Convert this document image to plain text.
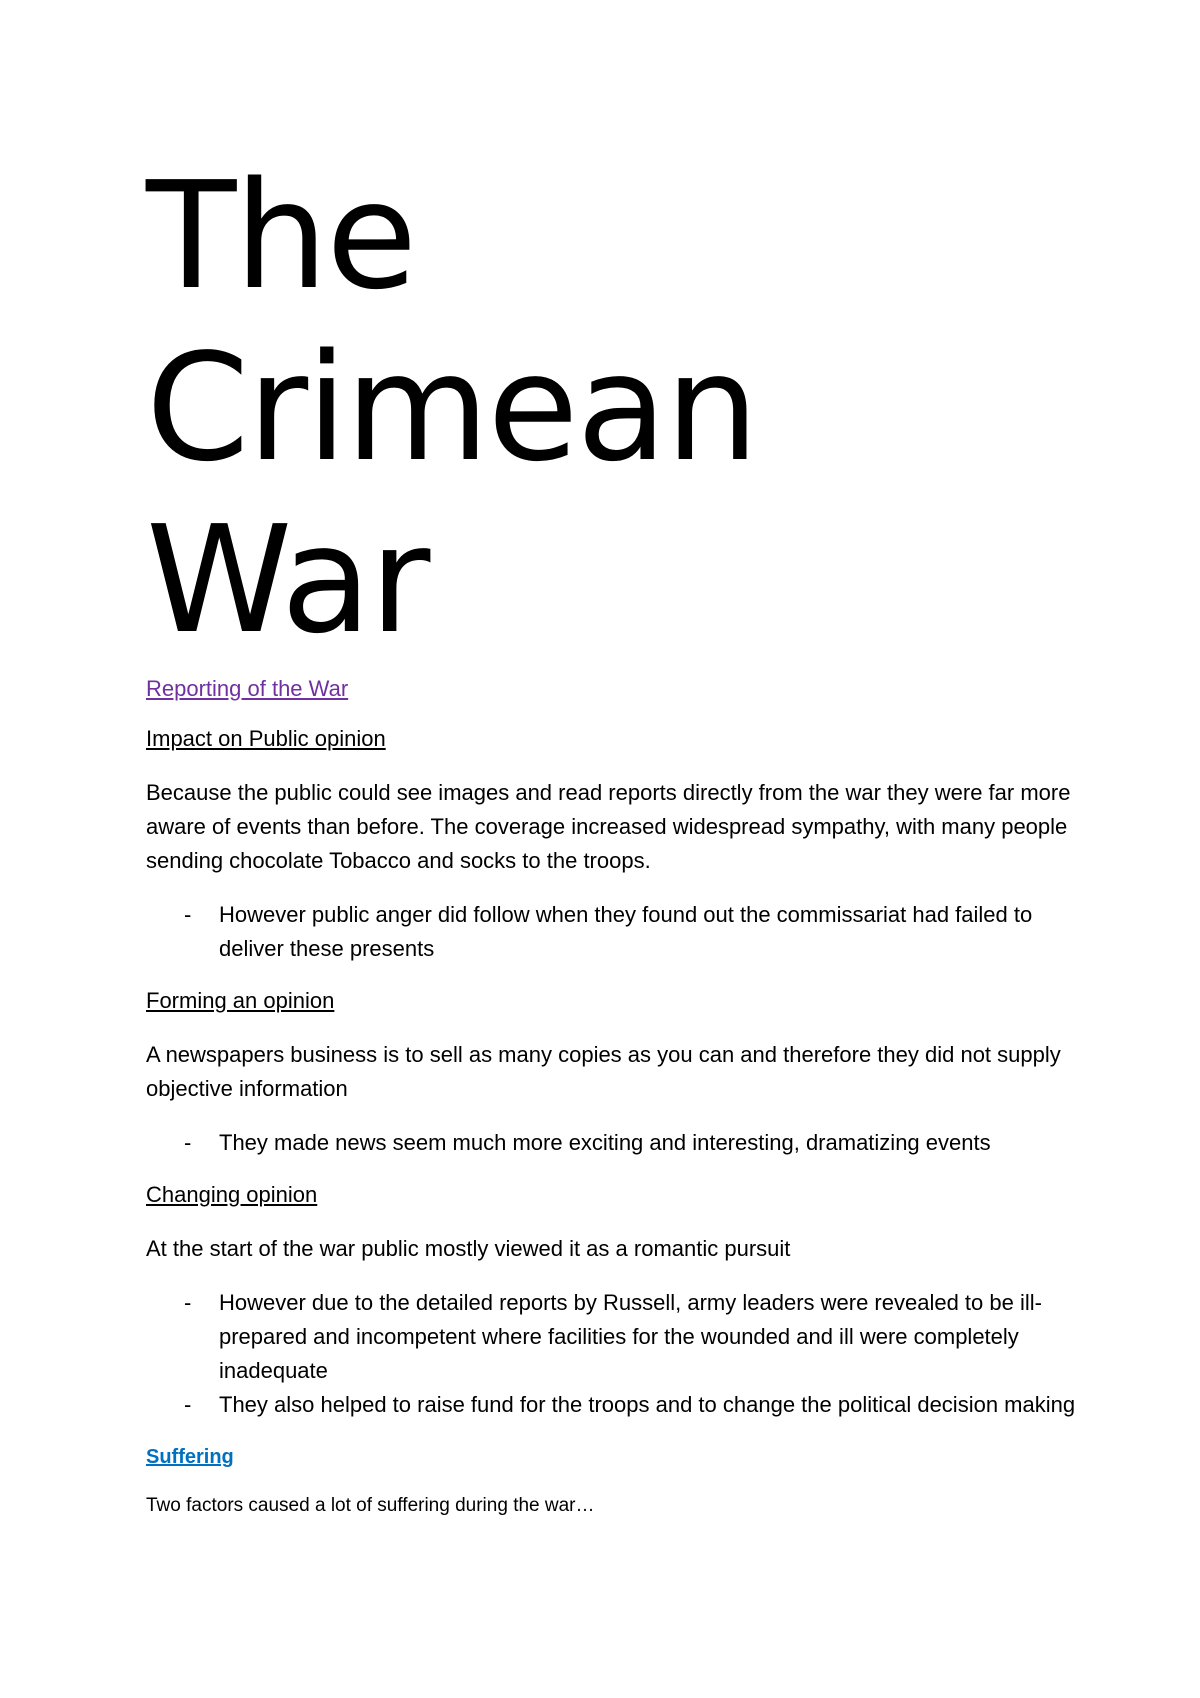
The
Crimean
War
Reporting of the War

Impact on Public opinion

Because the public could see images and read reports directly from the war they were far more aware of events than before. The coverage increased widespread sympathy, with many people sending chocolate Tobacco and socks to the troops.

- However public anger did follow when they found out the commissariat had failed to deliver these presents

Forming an opinion

A newspapers business is to sell as many copies as you can and therefore they did not supply objective information

- They made news seem much more exciting and interesting, dramatizing events

Changing opinion

At the start of the war public mostly viewed it as a romantic pursuit

- However due to the detailed reports by Russell, army leaders were revealed to be ill-prepared and incompetent where facilities for the wounded and ill were completely inadequate
- They also helped to raise fund for the troops and to change the political decision making
Suffering

Two factors caused a lot of suffering during the war…
